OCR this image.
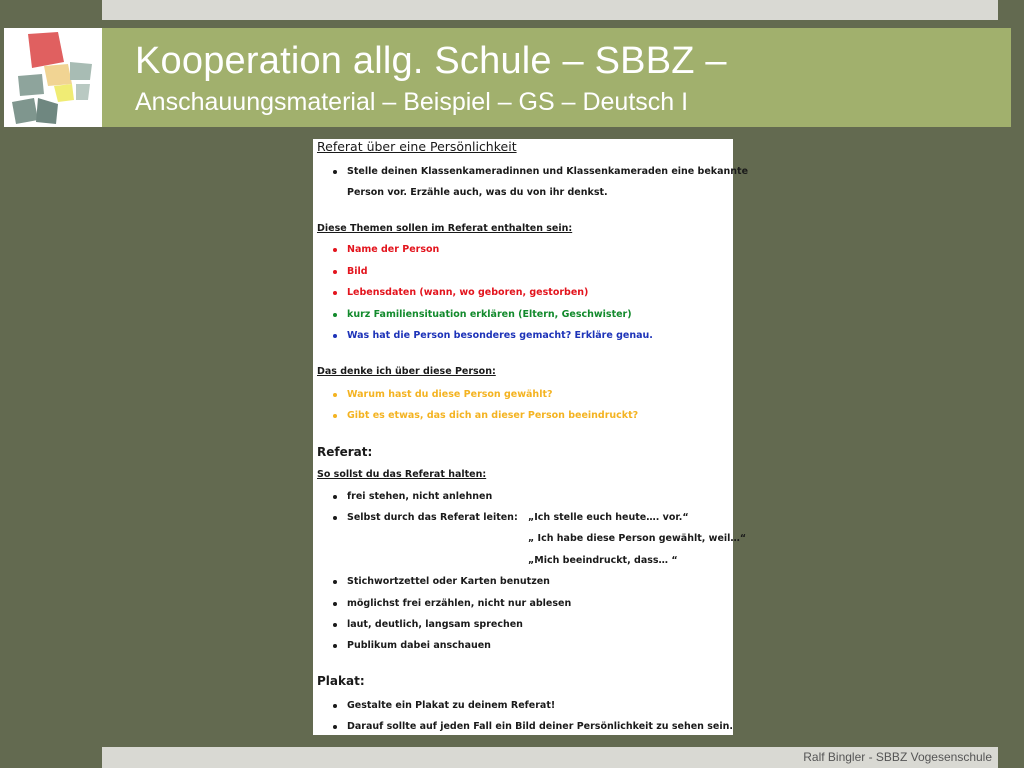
Kooperation allg. Schule – SBBZ –
Anschauungsmaterial – Beispiel – GS – Deutsch I
Referat über eine Persönlichkeit
Stelle deinen Klassenkameradinnen und Klassenkameraden eine bekannte
Person vor. Erzähle auch, was du von ihr denkst.
Diese Themen sollen im Referat enthalten sein:
Name der Person
Bild
Lebensdaten (wann, wo geboren, gestorben)
kurz Familiensituation erklären (Eltern, Geschwister)
Was hat die Person besonderes gemacht? Erkläre genau.
Das denke ich über diese Person:
Warum hast du diese Person gewählt?
Gibt es etwas, das dich an dieser Person beeindruckt?
Referat:
So sollst du das Referat halten:
frei stehen, nicht anlehnen
Selbst durch das Referat leiten: „Ich stelle euch heute…. vor.“
„ Ich habe diese Person gewählt, weil…“
„Mich beeindruckt, dass… “
Stichwortzettel oder Karten benutzen
möglichst frei erzählen, nicht nur ablesen
laut, deutlich, langsam sprechen
Publikum dabei anschauen
Plakat:
Gestalte ein Plakat zu deinem Referat!
Darauf sollte auf jeden Fall ein Bild deiner Persönlichkeit zu sehen sein.
Ralf Bingler - SBBZ Vogesenschule
